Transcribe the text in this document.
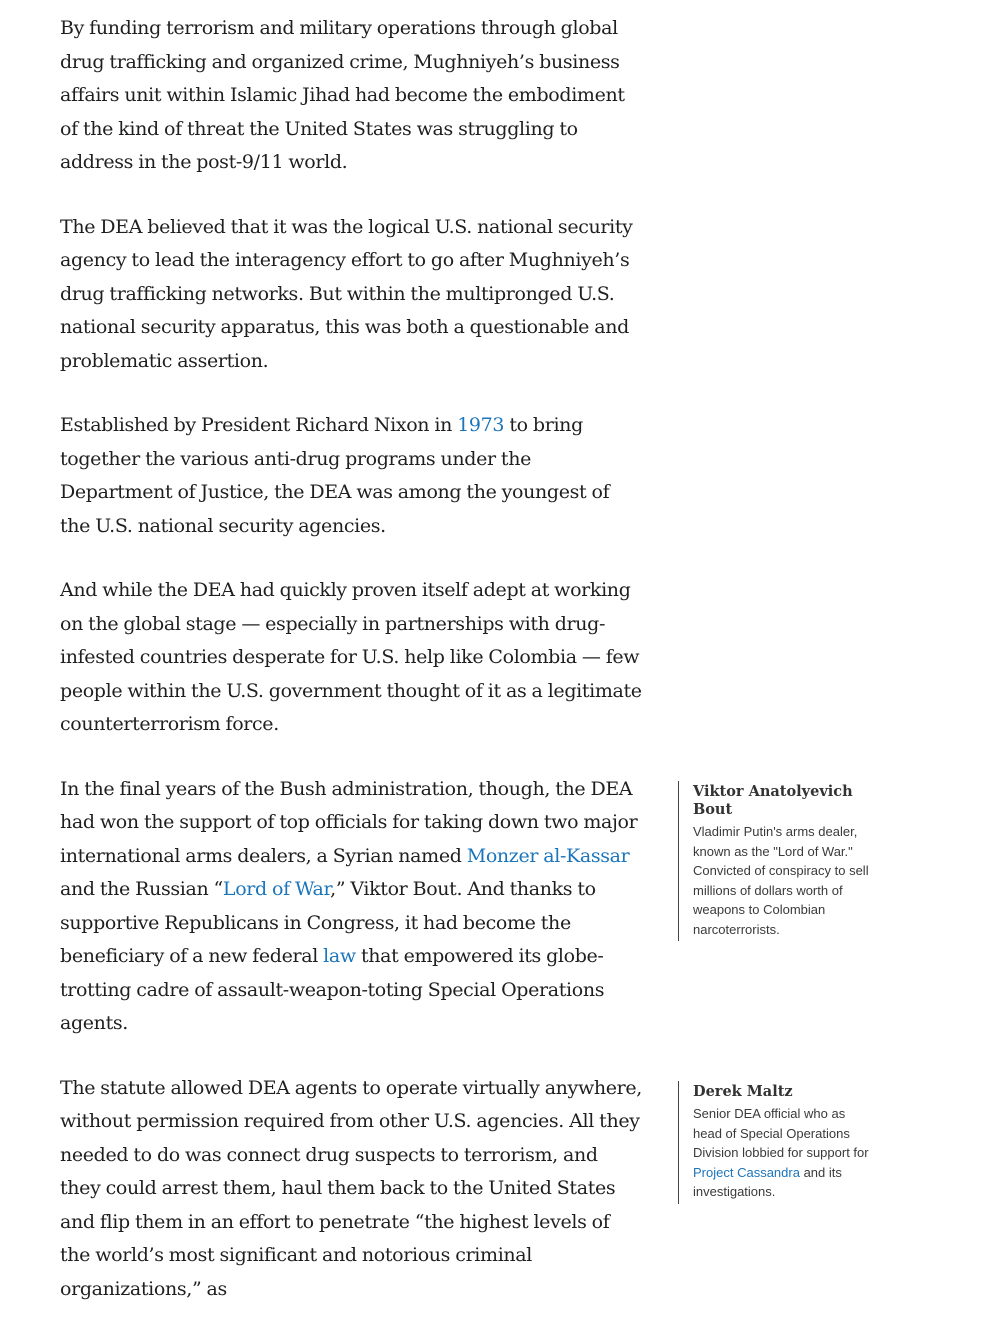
By funding terrorism and military operations through global drug trafficking and organized crime, Mughniyeh’s business affairs unit within Islamic Jihad had become the embodiment of the kind of threat the United States was struggling to address in the post-9/11 world.

The DEA believed that it was the logical U.S. national security agency to lead the interagency effort to go after Mughniyeh’s drug trafficking networks. But within the multipronged U.S. national security apparatus, this was both a questionable and problematic assertion.

Established by President Richard Nixon in 1973 to bring together the various anti-drug programs under the Department of Justice, the DEA was among the youngest of the U.S. national security agencies.

And while the DEA had quickly proven itself adept at working on the global stage — especially in partnerships with drug-infested countries desperate for U.S. help like Colombia — few people within the U.S. government thought of it as a legitimate counterterrorism force.

In the final years of the Bush administration, though, the DEA had won the support of top officials for taking down two major international arms dealers, a Syrian named Monzer al-Kassar and the Russian “Lord of War,” Viktor Bout. And thanks to supportive Republicans in Congress, it had become the beneficiary of a new federal law that empowered its globe-trotting cadre of assault-weapon-toting Special Operations agents.

The statute allowed DEA agents to operate virtually anywhere, without permission required from other U.S. agencies. All they needed to do was connect drug suspects to terrorism, and they could arrest them, haul them back to the United States and flip them in an effort to penetrate “the highest levels of the world’s most significant and notorious criminal organizations,” as

Viktor Anatolyevich Bout

Vladimir Putin's arms dealer, known as the "Lord of War." Convicted of conspiracy to sell millions of dollars worth of weapons to Colombian narcoterrorists.

Derek Maltz

Senior DEA official who as head of Special Operations Division lobbied for support for Project Cassandra and its investigations.
